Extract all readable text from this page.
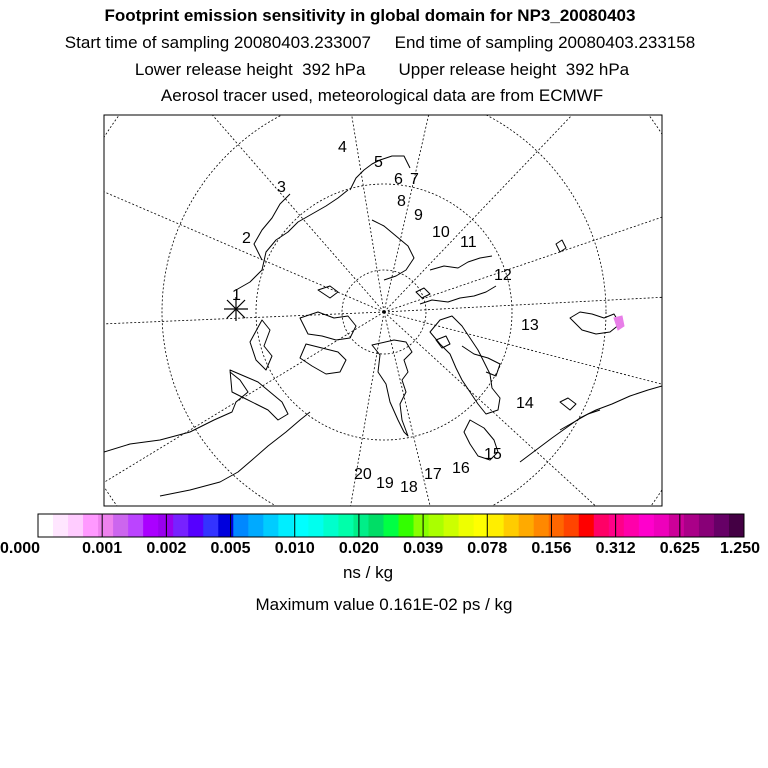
Footprint emission sensitivity in global domain for NP3_20080403
Start time of sampling 20080403.233007     End time of sampling 20080403.233158
Lower release height  392 hPa       Upper release height  392 hPa
Aerosol tracer used, meteorological data are from ECMWF
1
2
3
4
5
6 7
8
9
10
11
12
13
14
15
16
17
18
19
20
0.000	0.001 0.002 0.005 0.010 0.020 0.039 0.078 0.156 0.312 0.625 1.250
ns / kg
Maximum value 0.161E-02 ps / kg
